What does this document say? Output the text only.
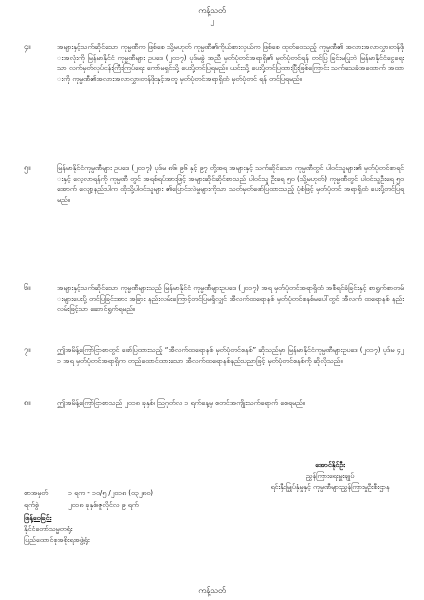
ကန့်သတ်
၂
၄။	အများနှင့်သက်ဆိုင်သော ကုမ္ပဏီက ဖြစ်စေ သို့မဟုတ် ကုမ္ပဏီ၏ကိုယ်စားလှယ်က ဖြစ်စေ ထုတ်ဝေသည့် ကုမ္ပဏီ၏ အလားအလာလွှာ၊တန်ဖိုးအလုံးကို မြန်မာနိုင်ငံ ကုမ္ပဏီများ ဥပဒေ (၂၀၁၇) ပုဒ်မခွဲ အညီ မှတ်ပုံတင်အရာရှိ၏ မှတ်ပုံတင်ရန် တင်ပြ ခြင်းမပြုဘဲ မြန်မာနိုင်ငံငွေရေးသာ လက်မှတ်လုပ်ငန်းကြီးကြပ်ရေး ကော်မရှင်သို့ ပေးပို့တင်ပြရမည်။ ယင်းသို့ ပေးပို့တင်ပြထားပြီးဖြစ်ကြောင်း သက်သေခံအထောက် အထားကို ကုမ္ပဏီ၏အလားအလာလွှာ၊တန်ဖိုးနှင့်အတူ မှတ်ပုံတင်အရာရှိထံ မှတ်ပုံတင် ရန် တင်ပြရမည်။
၅။	မြန်မာနိုင်ငံကုမ္ပဏီများ ဥပဒေ (၂၀၁၇) ပုဒ်မ ၈၆၊ ၉၆ နှင့် ၉၇ တို့အရ အများနှင့် သက်ဆိုင်သော ကုမ္ပဏီတွင် ပါဝင်သူများ၏ မှတ်ပုံတင်စာရင်းနှင့် လေ့လာရန်ကို ကုမ္ပဏီ တွင် အရစ်ရပ်အားဖြင့် အများဆိုင်ဆိုင်စာသည် ပါဝင်သူ ဦးရေ ၅၀ (သို့မဟုတ်) ကုမ္ပဏီတွင် ပါဝင်သူဦးရေ ၅၀ အောက် လျော့နည်းပါက ထိုသို့ပါဝင်သူများ ၏ပြောင်းလဲမှုများကိုသာ သတ်မှတ်ဖော်ပြထားသည့် ပုံစံဖြင့် မှတ်ပုံတင် အရာရှိထံ ပေးပို့တင်ပြရမည်။
၆။	အများနှင့်သက်ဆိုင်သော ကုမ္ပဏီများသည် မြန်မာနိုင်ငံ ကုမ္ပဏီများဥပဒေ (၂၀၁၇) အရ မှတ်ပုံတင်အရာရှိထံ အစီရင်ခံခြင်းနှင့် စာရွက်စာတမ်းများပေးပို့ တင်ပြခြင်းအား အခြား နည်းလမ်းကြောင့်တင်ပြမရှိလျှင် အီလက်ထရောနစ် မှတ်ပုံတင်စနစ်မပေါ်တွင် အီလက် ထရောနစ် နည်းလမ်းဖြင့်သာ ဆောင်ရွက်ရမည်။
၇။	ဤအမိန့်ကြော်ငြာစာတွင် ဖော်ပြထားသည့် “အီလက်ထရောနစ် မှတ်ပုံတင်စနစ်” ဆိုသည်မှာ မြန်မာနိုင်ငံကုမ္ပဏီများဥပဒေ (၂၀၁၇) ပုဒ်မ ၄၂၁ အရ မှတ်ပုံတင်အရာရှိက တည်ထောင်ထားသော အီလက်ထရောနစ်နည်းပညာဖြင့် မှတ်ပုံတင်စနစ်ကို ဆိုလိုသည်။
၈။	ဤအမိန့်ကြော်ငြာစာသည် ၂၀၁၈ ခုနှစ်၊ သြဂုတ်လ ၁ ရက်နေ့မှ စတင်အကျိုးသက်ရောက် စေရမည်။
အောင်နိုင်ဦး
ညွှန်ကြားရေးမှူးချုပ်
ရင်းနှီးမြှုပ်နှံမှုနှင့် ကုမ္ပဏီများညွှန်ကြားမှုဦးစီးဌာန
စာအမှတ်	၁ ရက - ၁၀/၅ /၂၀၁၈ (၀၃၂၈၀)
ရက်စွဲ	၂၀၁၈ ခုနှစ်၊ဇူလိုင်လ ၉ ရက်
ဖြန့်ဝေခြင်း
နိုင်ငံတော်သမ္မတရုံး
ပြည်ထောင်စုအစိုးရအဖွဲ့ရုံး
ကန့်သတ်
